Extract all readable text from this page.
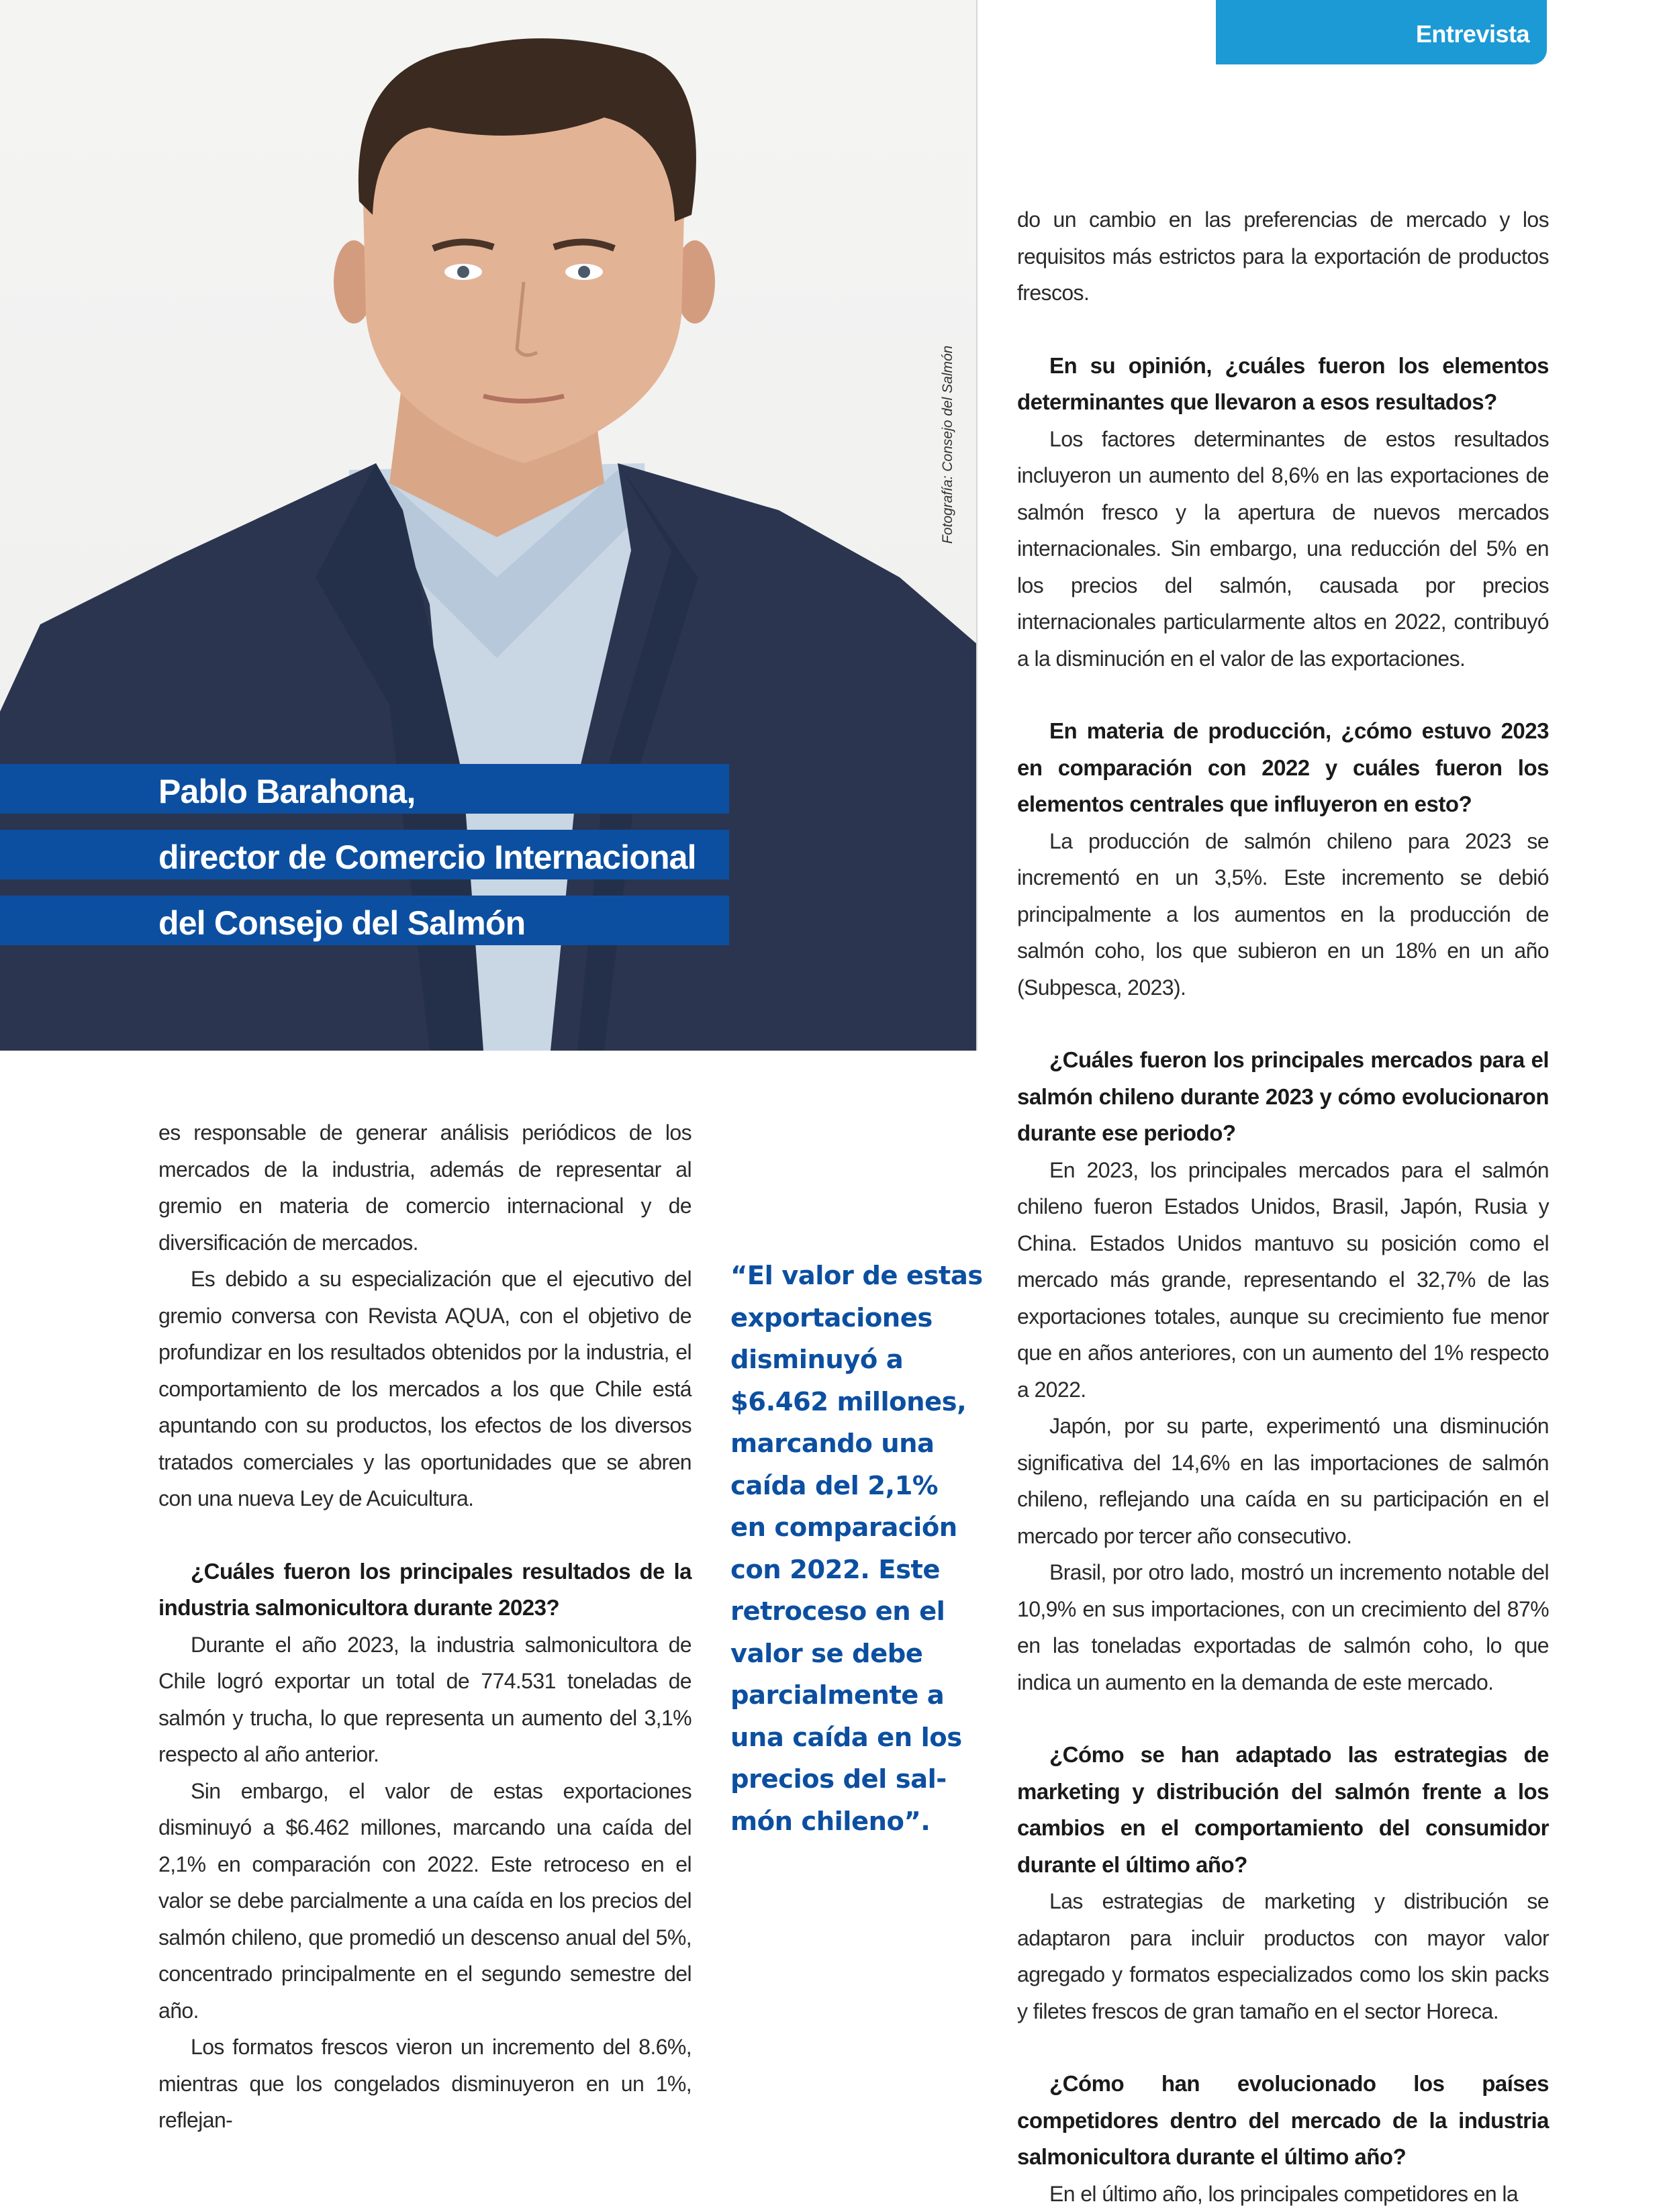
Fotografía: Consejo del Salmón
Entrevista
Pablo Barahona,
director de Comercio Internacional
del Consejo del Salmón

es responsable de generar análisis periódicos de los mercados de la industria, además de representar al gremio en materia de comercio internacional y de diversificación de mercados.

Es debido a su especialización que el ejecutivo del gremio conversa con Revista AQUA, con el objetivo de profundizar en los resultados obtenidos por la industria, el comportamiento de los mercados a los que Chile está apuntando con su productos, los efectos de los diversos tratados comerciales y las oportunidades que se abren con una nueva Ley de Acuicultura.

¿Cuáles fueron los principales resultados de la industria salmonicultora durante 2023?

Durante el año 2023, la industria salmonicultora de Chile logró exportar un total de 774.531 toneladas de salmón y trucha, lo que representa un aumento del 3,1% respecto al año anterior.

Sin embargo, el valor de estas exportaciones disminuyó a $6.462 millones, marcando una caída del 2,1% en comparación con 2022. Este retroceso en el valor se debe parcialmente a una caída en los precios del salmón chileno, que promedió un descenso anual del 5%, concentrado principalmente en el segundo semestre del año.

Los formatos frescos vieron un incremento del 8.6%, mientras que los congelados disminuyeron en un 1%, reflejan-

“El valor de estas
exportaciones
disminuyó a
$6.462 millones,
marcando una
caída del 2,1%
en comparación
con 2022. Este
retroceso en el
valor se debe
parcialmente a
una caída en los
precios del sal-
món chileno”.

do un cambio en las preferencias de mercado y los requisitos más estrictos para la exportación de productos frescos.

En su opinión, ¿cuáles fueron los elementos determinantes que llevaron a esos resultados?

Los factores determinantes de estos resultados incluyeron un aumento del 8,6% en las exportaciones de salmón fresco y la apertura de nuevos mercados internacionales. Sin embargo, una reducción del 5% en los precios del salmón, causada por precios internacionales particularmente altos en 2022, contribuyó a la disminución en el valor de las exportaciones.

En materia de producción, ¿cómo estuvo 2023 en comparación con 2022 y cuáles fueron los elementos centrales que influyeron en esto?

La producción de salmón chileno para 2023 se incrementó en un 3,5%. Este incremento se debió principalmente a los aumentos en la producción de salmón coho, los que subieron en un 18% en un año (Subpesca, 2023).

¿Cuáles fueron los principales mercados para el salmón chileno durante 2023 y cómo evolucionaron durante ese periodo?

En 2023, los principales mercados para el salmón chileno fueron Estados Unidos, Brasil, Japón, Rusia y China. Estados Unidos mantuvo su posición como el mercado más grande, representando el 32,7% de las exportaciones totales, aunque su crecimiento fue menor que en años anteriores, con un aumento del 1% respecto a 2022.

Japón, por su parte, experimentó una disminución significativa del 14,6% en las importaciones de salmón chileno, reflejando una caída en su participación en el mercado por tercer año consecutivo.

Brasil, por otro lado, mostró un incremento notable del 10,9% en sus importaciones, con un crecimiento del 87% en las toneladas exportadas de salmón coho, lo que indica un aumento en la demanda de este mercado.

¿Cómo se han adaptado las estrategias de marketing y distribución del salmón frente a los cambios en el comportamiento del consumidor durante el último año?

Las estrategias de marketing y distribución se adaptaron para incluir productos con mayor valor agregado y formatos especializados como los skin packs y filetes frescos de gran tamaño en el sector Horeca.

¿Cómo han evolucionado los países competidores dentro del mercado de la industria salmonicultora durante el último año?

En el último año, los principales competidores en la
